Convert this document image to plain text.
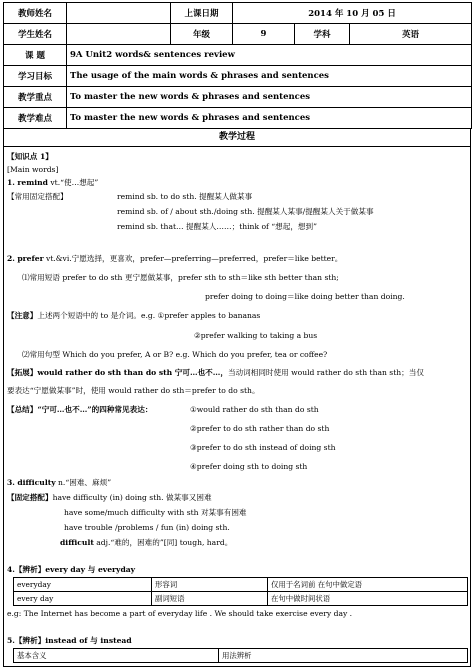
教师姓名		上课日期	2014 年 10 月 05 日		
学生姓名		年级	9	学科	英语
课 题	9A Unit2 words& sentences review				
学习目标	The usage of the main words & phrases and sentences				
教学重点	To master the new words & phrases and sentences				
教学难点	To master the new words & phrases and sentences				
教学过程
【知识点 1】
[Main words]
1. remind vt.“使…想起”
【常用固定搭配】	remind sb. to do sth. 提醒某人做某事
remind sb. of / about sth./doing sth. 提醒某人某事/提醒某人关于做某事
remind sb. that… 提醒某人……；think of “想起，想到”
2. prefer vt.&vi.宁愿选择，更喜欢，prefer—preferring—preferred，prefer＝like better。
⑴常用短语 prefer to do sth 更宁愿做某事，prefer sth to sth＝like sth better than sth;
prefer doing to doing＝like doing better than doing.
【注意】上述两个短语中的 to 是介词。e.g. ①prefer apples to bananas
②prefer walking to taking a bus
⑵常用句型 Which do you prefer, A or B? e.g. Which do you prefer, tea or coffee?
【拓展】would rather do sth than do sth 宁可…也不…，当动词相同时使用 would rather do sth than sth；当仅
要表达“宁愿做某事”时，使用 would rather do sth＝prefer to do sth。
【总结】“宁可…也不…”的四种常见表达：	①would rather do sth than do sth
②prefer to do sth rather than do sth
③prefer to do sth instead of doing sth
④prefer doing sth to doing sth
3. difficulty n.“困难、麻烦”
【固定搭配】have difficulty (in) doing sth. 做某事又困难
have some/much difficulty with sth 对某事有困难
have trouble /problems / fun (in) doing sth.
difficult adj.“难的，困难的”[同] tough, hard。
4.【辨析】every day 与 everyday
everyday	形容词	仅用于名词前 在句中做定语
every day	副词短语	在句中做时间状语
e.g: The Internet has become a part of everyday life . We should take exercise every day .
5.【辨析】instead of 与 instead
基本含义	用法辨析
